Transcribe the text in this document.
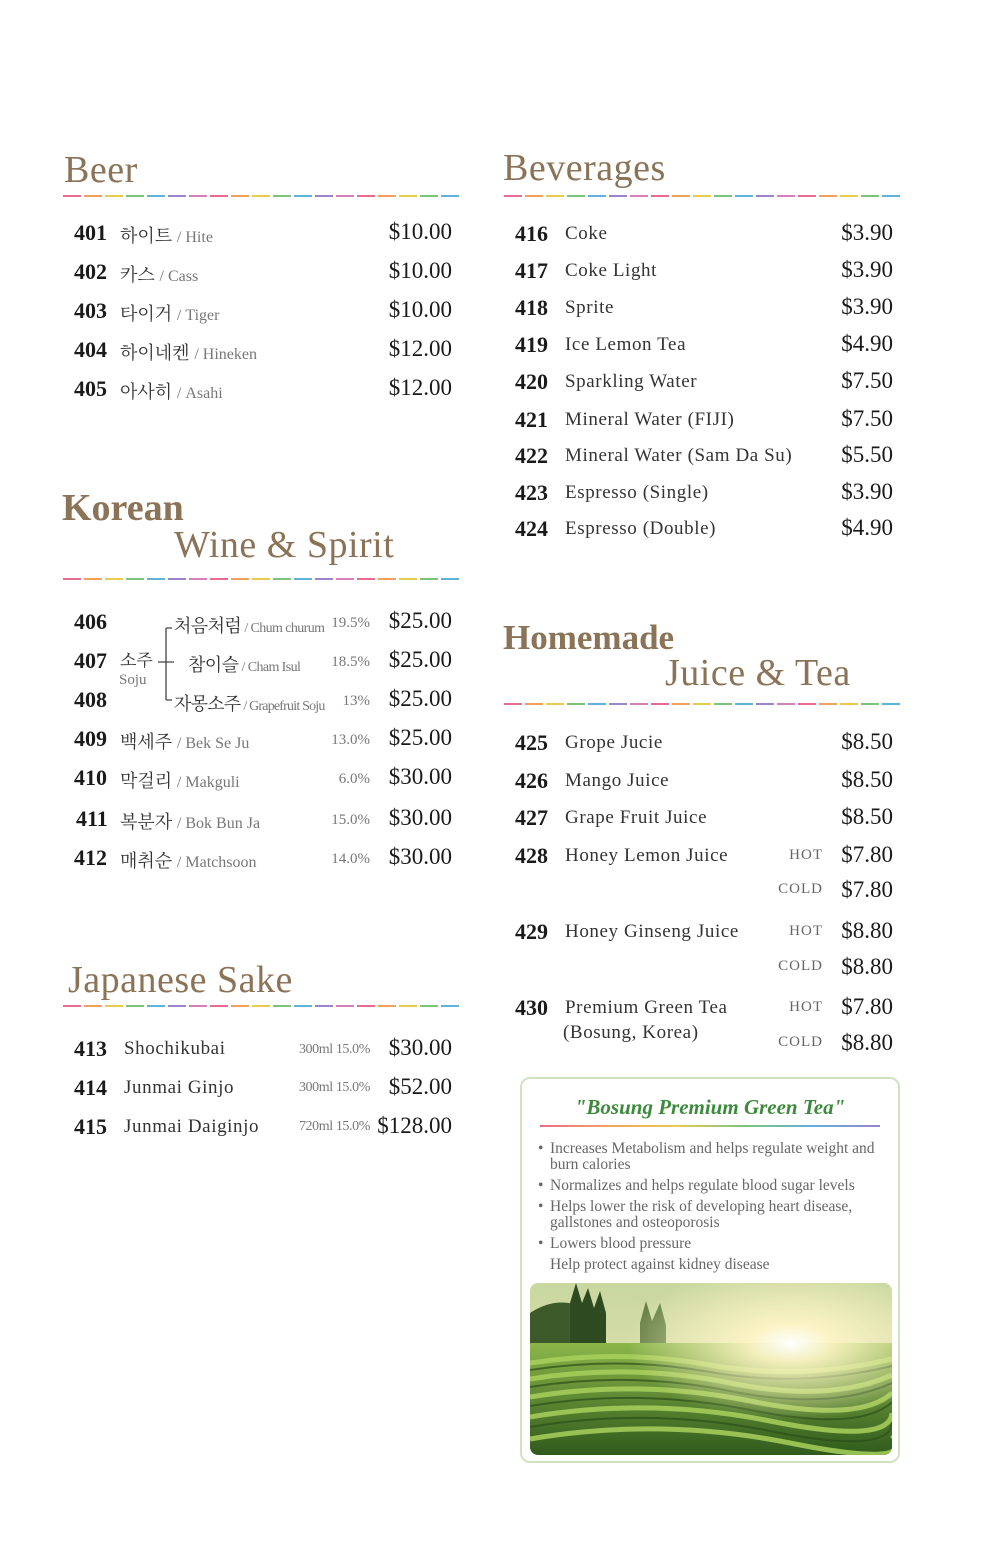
Beer
401 하이트 / Hite	$10.00
402 카스 / Cass	$10.00
403 타이거 / Tiger	$10.00
404 하이네켄 / Hineken	$12.00
405 아사히 / Asahi	$12.00
Korean
Wine & Spirit
소주
Soju
406	처음처럼 / Chum churum 19.5% $25.00
407	참이슬 / Cham Isul	18.5% $25.00
408	자몽소주 / Grapefruit Soju	13% $25.00
409 백세주 / Bek Se Ju	13.0% $25.00
410 막걸리 / Makguli	6.0% $30.00
411 복분자 / Bok Bun Ja	15.0% $30.00
412 매취순 / Matchsoon	14.0% $30.00
Japanese Sake
413 Shochikubai	300ml 15.0% $30.00
414 Junmai Ginjo	300ml 15.0% $52.00
415 Junmai Daiginjo	720ml 15.0% $128.00
Beverages
416 Coke	$3.90
417 Coke Light	$3.90
418 Sprite	$3.90
419 Ice Lemon Tea	$4.90
420 Sparkling Water	$7.50
421 Mineral Water (FIJI)	$7.50
422 Mineral Water (Sam Da Su)	$5.50
423 Espresso (Single)	$3.90
424 Espresso (Double)	$4.90
Homemade
Juice & Tea
425 Grope Jucie	$8.50
426 Mango Juice	$8.50
427 Grape Fruit Juice	$8.50
428 Honey Lemon Juice	HOT $7.80
COLD $7.80
429 Honey Ginseng Juice	HOT $8.80
COLD $8.80
430 Premium Green Tea
(Bosung, Korea)
HOT $7.80
COLD $8.80
"Bosung Premium Green Tea"
• Increases Metabolism and helps regulate weight and burn calories
• Normalizes and helps regulate blood sugar levels
• Helps lower the risk of developing heart disease, gallstones and osteoporosis
• Lowers blood pressure
Help protect against kidney disease
